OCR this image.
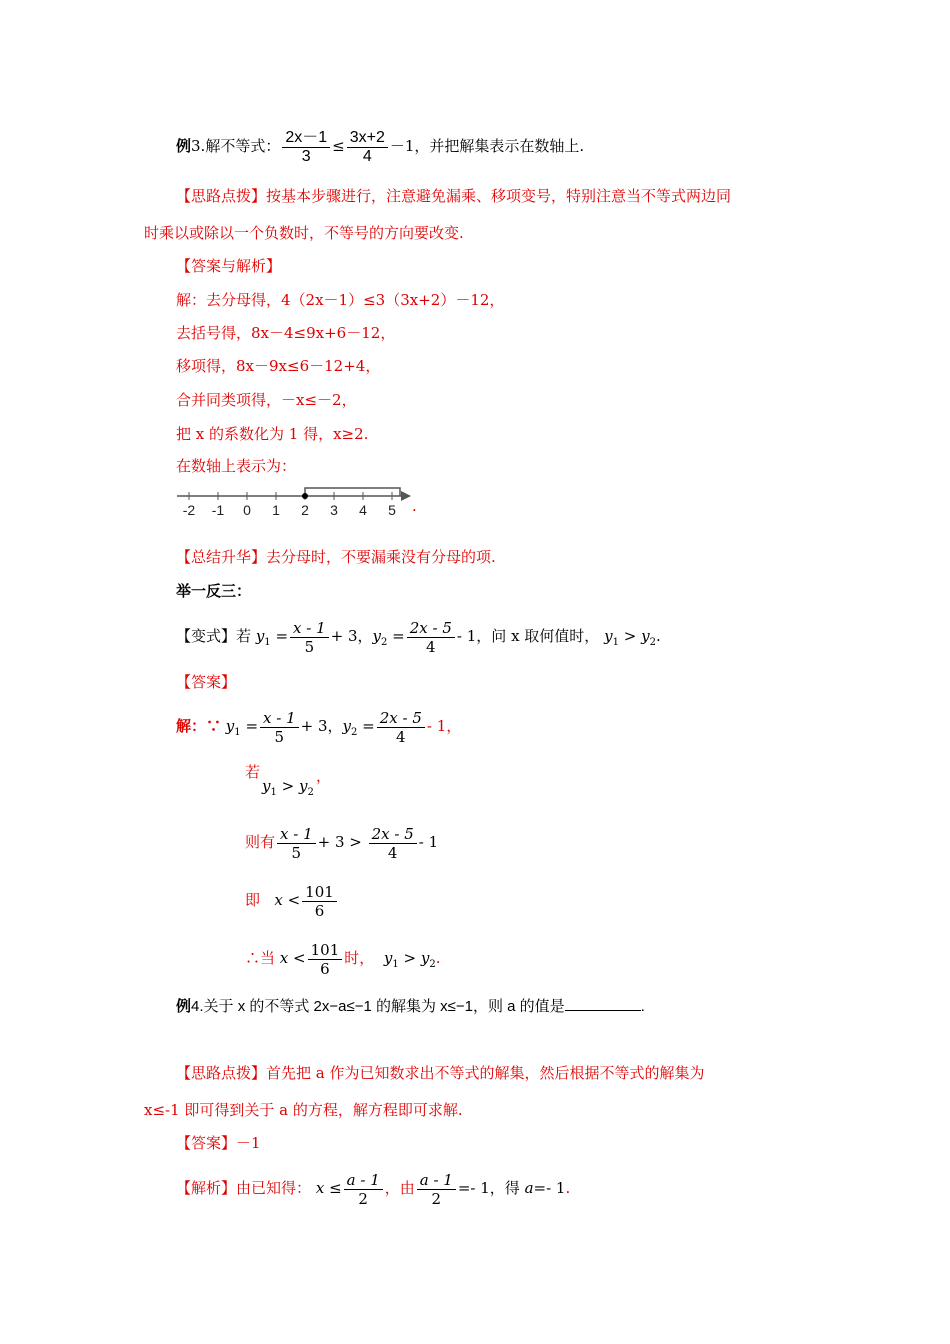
例3.解不等式： $\frac{2x-1}{3} \le \frac{3x+2}{4} -1$，并把解集表示在数轴上.
【思路点拨】按基本步骤进行，注意避免漏乘、移项变号，特别注意当不等式两边同
时乘以或除以一个负数时，不等号的方向要改变.
【答案与解析】
解：去分母得，4（2x－1）≤3（3x+2）－12，
去括号得，8x－4≤9x+6－12，
移项得，8x－9x≤6－12+4，
合并同类项得，－x≤－2，
把 x 的系数化为 1 得，x≥2.
在数轴上表示为：
-2 -1 0 1 2 3 4 5 .
【总结升华】去分母时，不要漏乘没有分母的项.
举一反三：
【变式】若 $y_1 = \frac{x - 1}{5} + 3$，$y_2 = \frac{2x - 5}{4} - 1$，问 x 取何值时， $y_1 > y_2$.
【答案】
解：∵ $y_1 = \frac{x - 1}{5} + 3$，$y_2 = \frac{2x - 5}{4} - 1$，
若
$y_1 > y_2$
，
则有 $\frac{x - 1}{5} + 3 > \frac{2x - 5}{4} - 1$
即 $x < \frac{101}{6}$
∴当 $x < \frac{101}{6}$ 时， $y_1 > y_2$.
例4.关于 x 的不等式 2x−a≤−1 的解集为 x≤−1，则 a 的值是	.
【思路点拨】首先把 a 作为已知数求出不等式的解集，然后根据不等式的解集为
x≤-1 即可得到关于 a 的方程，解方程即可求解.
【答案】－1
【解析】由已知得： $x \le \frac{a - 1}{2}$ ，由 $\frac{a - 1}{2} =- 1$，得 a=- 1.
